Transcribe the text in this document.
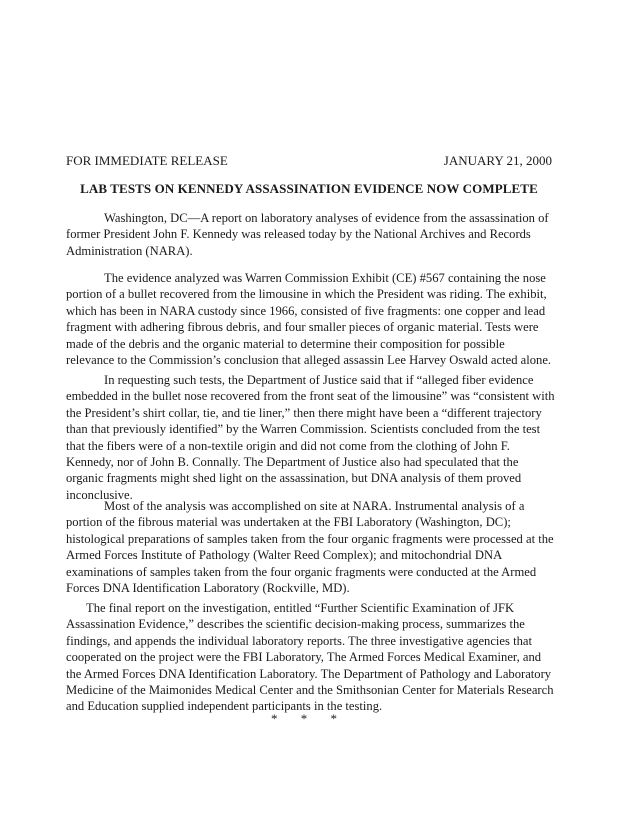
FOR IMMEDIATE RELEASE	JANUARY 21, 2000
LAB TESTS ON KENNEDY ASSASSINATION EVIDENCE NOW COMPLETE

Washington, DC—A report on laboratory analyses of evidence from the assassination of former President John F. Kennedy was released today by the National Archives and Records Administration (NARA).

The evidence analyzed was Warren Commission Exhibit (CE) #567 containing the nose portion of a bullet recovered from the limousine in which the President was riding. The exhibit, which has been in NARA custody since 1966, consisted of five fragments: one copper and lead fragment with adhering fibrous debris, and four smaller pieces of organic material. Tests were made of the debris and the organic material to determine their composition for possible relevance to the Commission’s conclusion that alleged assassin Lee Harvey Oswald acted alone.

In requesting such tests, the Department of Justice said that if “alleged fiber evidence embedded in the bullet nose recovered from the front seat of the limousine” was “consistent with the President’s shirt collar, tie, and tie liner,” then there might have been a “different trajectory than that previously identified” by the Warren Commission. Scientists concluded from the test that the fibers were of a non-textile origin and did not come from the clothing of John F. Kennedy, nor of John B. Connally. The Department of Justice also had speculated that the organic fragments might shed light on the assassination, but DNA analysis of them proved inconclusive.

Most of the analysis was accomplished on site at NARA. Instrumental analysis of a portion of the fibrous material was undertaken at the FBI Laboratory (Washington, DC); histological preparations of samples taken from the four organic fragments were processed at the Armed Forces Institute of Pathology (Walter Reed Complex); and mitochondrial DNA examinations of samples taken from the four organic fragments were conducted at the Armed Forces DNA Identification Laboratory (Rockville, MD).

The final report on the investigation, entitled “Further Scientific Examination of JFK Assassination Evidence,” describes the scientific decision-making process, summarizes the findings, and appends the individual laboratory reports. The three investigative agencies that cooperated on the project were the FBI Laboratory, The Armed Forces Medical Examiner, and the Armed Forces DNA Identification Laboratory. The Department of Pathology and Laboratory Medicine of the Maimonides Medical Center and the Smithsonian Center for Materials Research and Education supplied independent participants in the testing.

* * *
